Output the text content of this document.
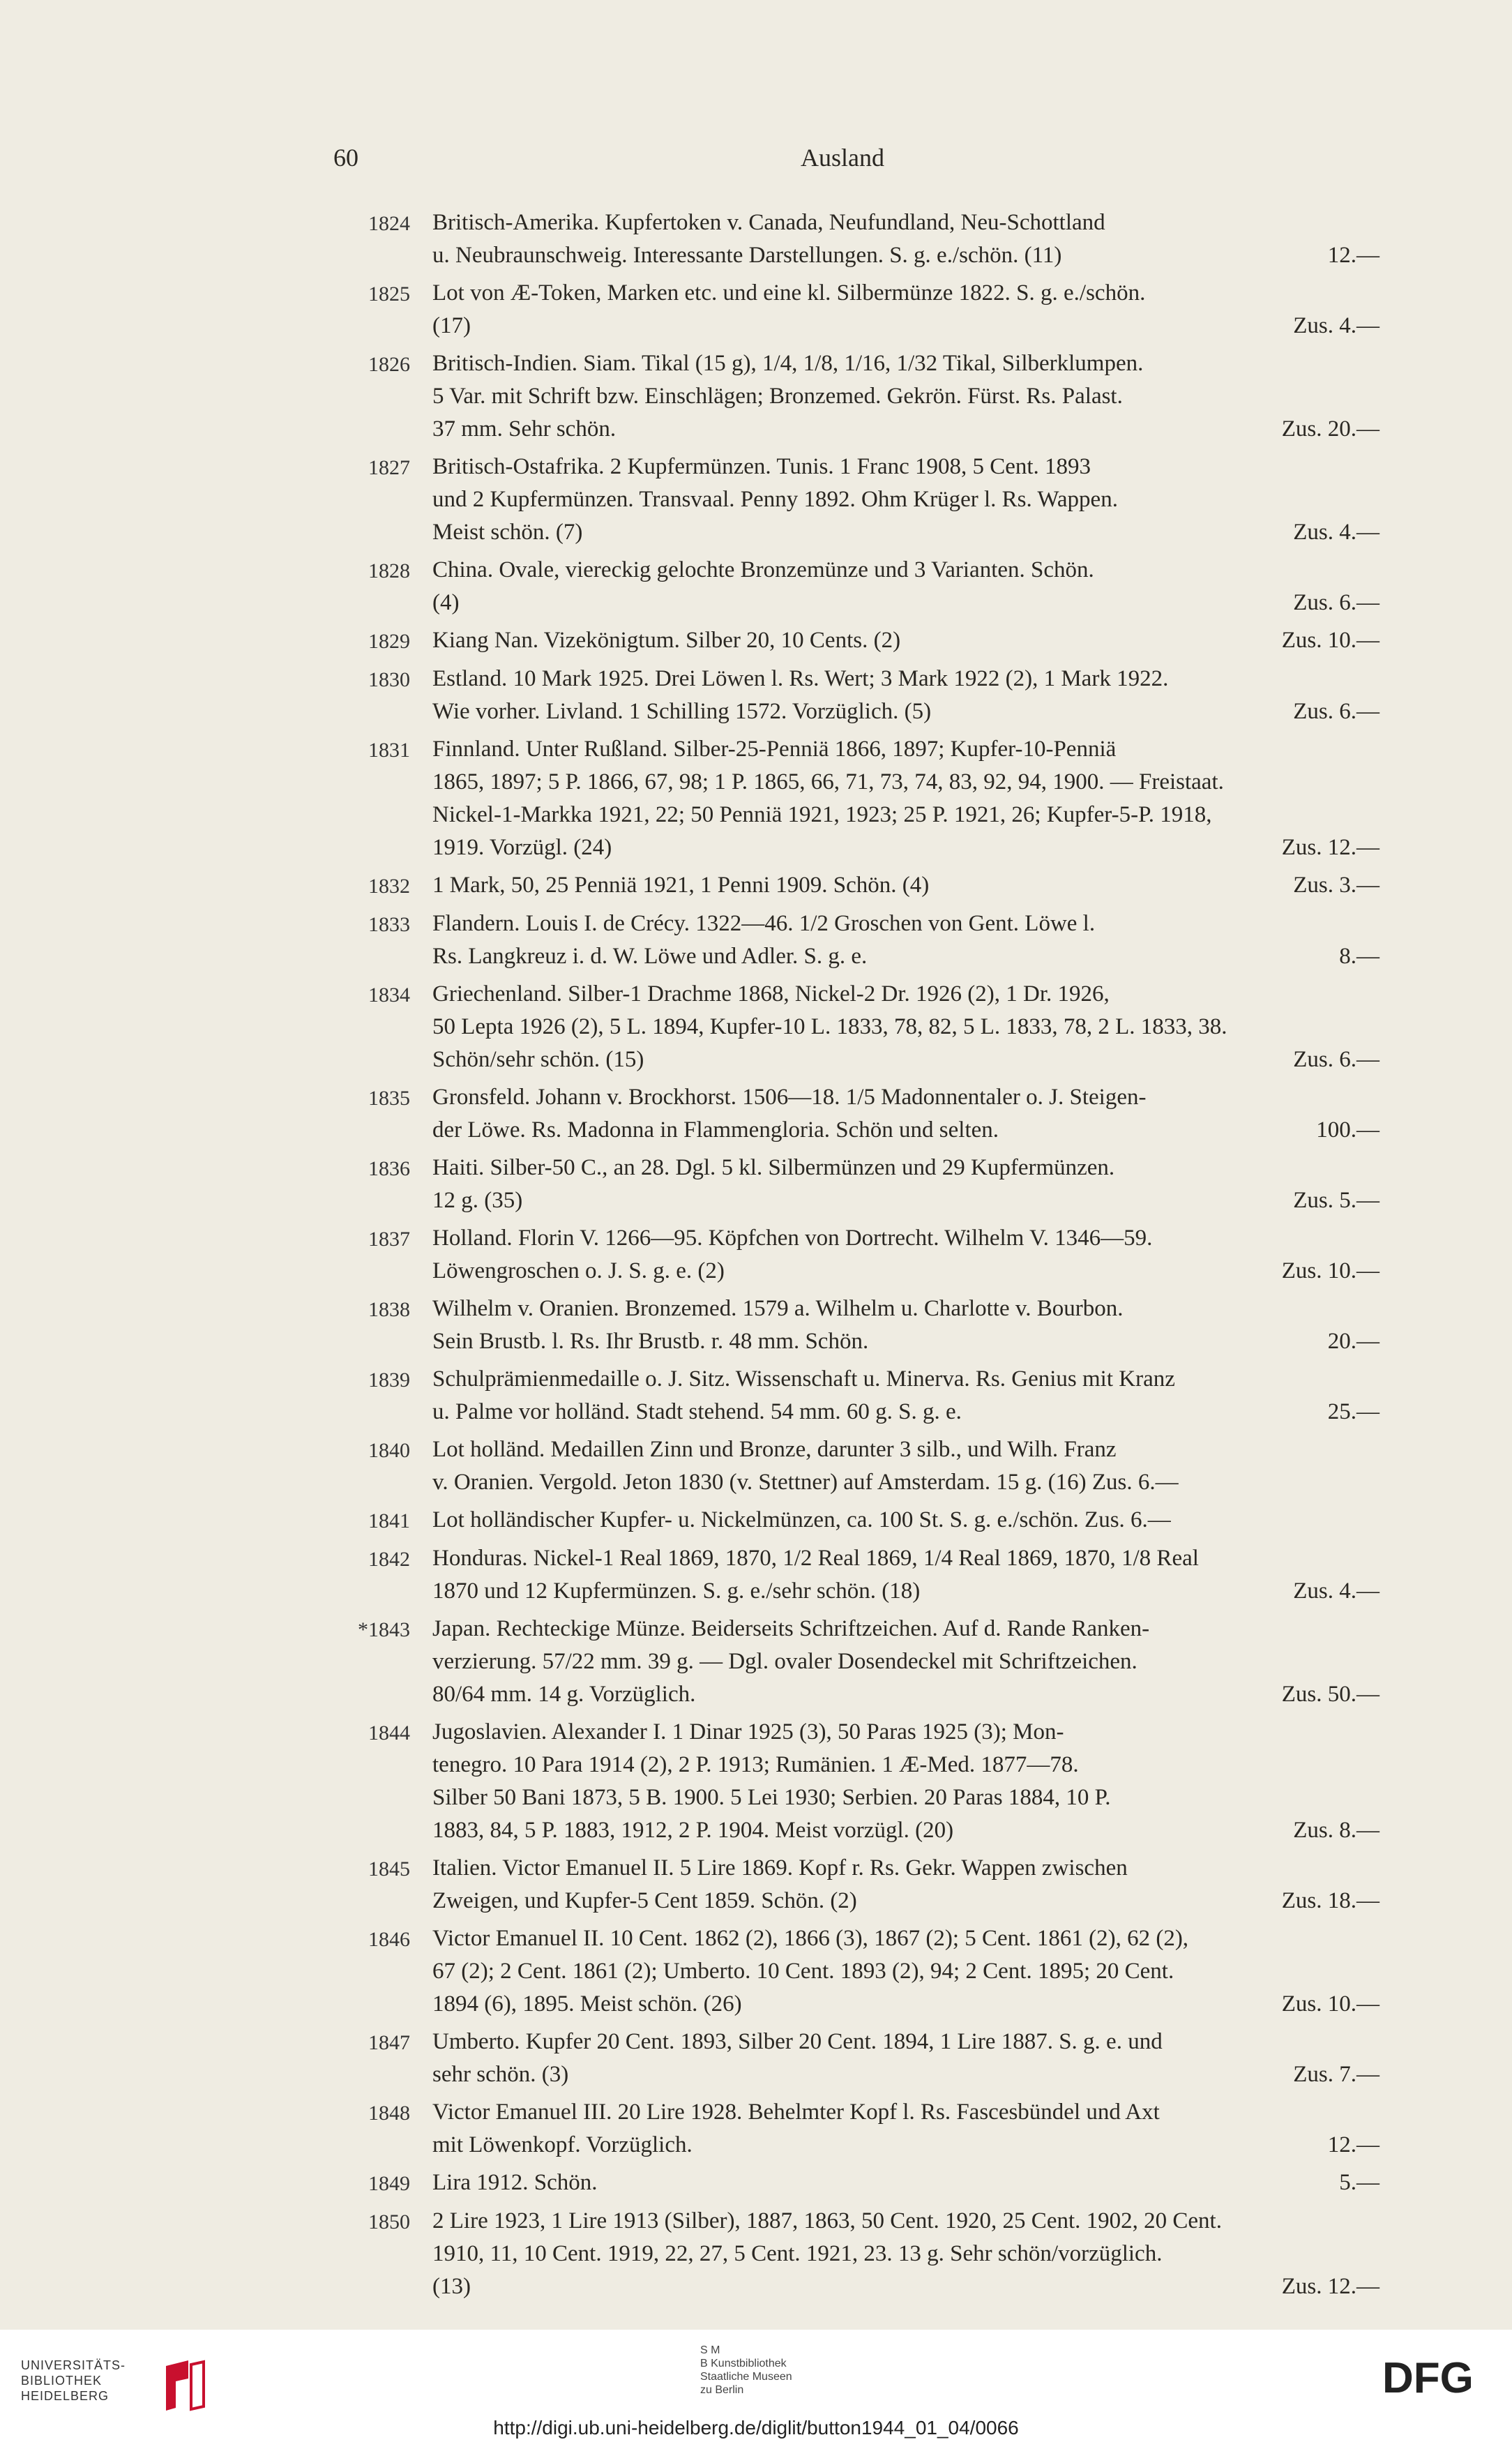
60	Ausland
1824 Britisch-Amerika. Kupfertoken v. Canada, Neufundland, Neu-Schottland
u. Neubraunschweig. Interessante Darstellungen. S. g. e./schön. (11)	12.—
1825 Lot von Æ-Token, Marken etc. und eine kl. Silbermünze 1822. S. g. e./schön.
(17)	Zus. 4.—
1826 Britisch-Indien. Siam. Tikal (15 g), 1/4, 1/8, 1/16, 1/32 Tikal, Silberklumpen.
5 Var. mit Schrift bzw. Einschlägen; Bronzemed. Gekrön. Fürst. Rs. Palast.
37 mm. Sehr schön.	Zus. 20.—
1827 Britisch-Ostafrika. 2 Kupfermünzen. Tunis. 1 Franc 1908, 5 Cent. 1893
und 2 Kupfermünzen. Transvaal. Penny 1892. Ohm Krüger l. Rs. Wappen.
Meist schön. (7)	Zus. 4.—
1828 China. Ovale, viereckig gelochte Bronzemünze und 3 Varianten. Schön.
(4)	Zus. 6.—
1829 Kiang Nan. Vizekönigtum. Silber 20, 10 Cents. (2)	Zus. 10.—
1830 Estland. 10 Mark 1925. Drei Löwen l. Rs. Wert; 3 Mark 1922 (2), 1 Mark 1922.
Wie vorher. Livland. 1 Schilling 1572. Vorzüglich. (5)	Zus. 6.—
1831 Finnland. Unter Rußland. Silber-25-Penniä 1866, 1897; Kupfer-10-Penniä
1865, 1897; 5 P. 1866, 67, 98; 1 P. 1865, 66, 71, 73, 74, 83, 92, 94, 1900. — Freistaat.
Nickel-1-Markka 1921, 22; 50 Penniä 1921, 1923; 25 P. 1921, 26; Kupfer-5-P. 1918,
1919. Vorzügl. (24)	Zus. 12.—
1832 1 Mark, 50, 25 Penniä 1921, 1 Penni 1909. Schön. (4)	Zus. 3.—
1833 Flandern. Louis I. de Crécy. 1322—46. 1/2 Groschen von Gent. Löwe l.
Rs. Langkreuz i. d. W. Löwe und Adler. S. g. e.	8.—
1834 Griechenland. Silber-1 Drachme 1868, Nickel-2 Dr. 1926 (2), 1 Dr. 1926,
50 Lepta 1926 (2), 5 L. 1894, Kupfer-10 L. 1833, 78, 82, 5 L. 1833, 78, 2 L. 1833, 38.
Schön/sehr schön. (15)	Zus. 6.—
1835 Gronsfeld. Johann v. Brockhorst. 1506—18. 1/5 Madonnentaler o. J. Steigen-
der Löwe. Rs. Madonna in Flammengloria. Schön und selten.	100.—
1836 Haiti. Silber-50 C., an 28. Dgl. 5 kl. Silbermünzen und 29 Kupfermünzen.
12 g. (35)	Zus. 5.—
1837 Holland. Florin V. 1266—95. Köpfchen von Dortrecht. Wilhelm V. 1346—59.
Löwengroschen o. J. S. g. e. (2)	Zus. 10.—
1838 Wilhelm v. Oranien. Bronzemed. 1579 a. Wilhelm u. Charlotte v. Bourbon.
Sein Brustb. l. Rs. Ihr Brustb. r. 48 mm. Schön.	20.—
1839 Schulprämienmedaille o. J. Sitz. Wissenschaft u. Minerva. Rs. Genius mit Kranz
u. Palme vor holländ. Stadt stehend. 54 mm. 60 g. S. g. e.	25.—
1840 Lot holländ. Medaillen Zinn und Bronze, darunter 3 silb., und Wilh. Franz
v. Oranien. Vergold. Jeton 1830 (v. Stettner) auf Amsterdam. 15 g. (16) Zus. 6.—
1841 Lot holländischer Kupfer- u. Nickelmünzen, ca. 100 St. S. g. e./schön. Zus. 6.—
1842 Honduras. Nickel-1 Real 1869, 1870, 1/2 Real 1869, 1/4 Real 1869, 1870, 1/8 Real
1870 und 12 Kupfermünzen. S. g. e./sehr schön. (18)	Zus. 4.—
*1843 Japan. Rechteckige Münze. Beiderseits Schriftzeichen. Auf d. Rande Ranken-
verzierung. 57/22 mm. 39 g. — Dgl. ovaler Dosendeckel mit Schriftzeichen.
80/64 mm. 14 g. Vorzüglich.	Zus. 50.—
1844 Jugoslavien. Alexander I. 1 Dinar 1925 (3), 50 Paras 1925 (3); Mon-
tenegro. 10 Para 1914 (2), 2 P. 1913; Rumänien. 1 Æ-Med. 1877—78.
Silber 50 Bani 1873, 5 B. 1900. 5 Lei 1930; Serbien. 20 Paras 1884, 10 P.
1883, 84, 5 P. 1883, 1912, 2 P. 1904. Meist vorzügl. (20)	Zus. 8.—
1845 Italien. Victor Emanuel II. 5 Lire 1869. Kopf r. Rs. Gekr. Wappen zwischen
Zweigen, und Kupfer-5 Cent 1859. Schön. (2)	Zus. 18.—
1846 Victor Emanuel II. 10 Cent. 1862 (2), 1866 (3), 1867 (2); 5 Cent. 1861 (2), 62 (2),
67 (2); 2 Cent. 1861 (2); Umberto. 10 Cent. 1893 (2), 94; 2 Cent. 1895; 20 Cent.
1894 (6), 1895. Meist schön. (26)	Zus. 10.—
1847 Umberto. Kupfer 20 Cent. 1893, Silber 20 Cent. 1894, 1 Lire 1887. S. g. e. und
sehr schön. (3)	Zus. 7.—
1848 Victor Emanuel III. 20 Lire 1928. Behelmter Kopf l. Rs. Fascesbündel und Axt
mit Löwenkopf. Vorzüglich.	12.—
1849 Lira 1912. Schön.	5.—
1850 2 Lire 1923, 1 Lire 1913 (Silber), 1887, 1863, 50 Cent. 1920, 25 Cent. 1902, 20 Cent.
1910, 11, 10 Cent. 1919, 22, 27, 5 Cent. 1921, 23. 13 g. Sehr schön/vorzüglich.
(13)	Zus. 12.—
UNIVERSITÄTS-
BIBLIOTHEK
HEIDELBERG
S M
B Kunstbibliothek
Staatliche Museen
zu Berlin	DFG
http://digi.ub.uni-heidelberg.de/diglit/button1944_01_04/0066
